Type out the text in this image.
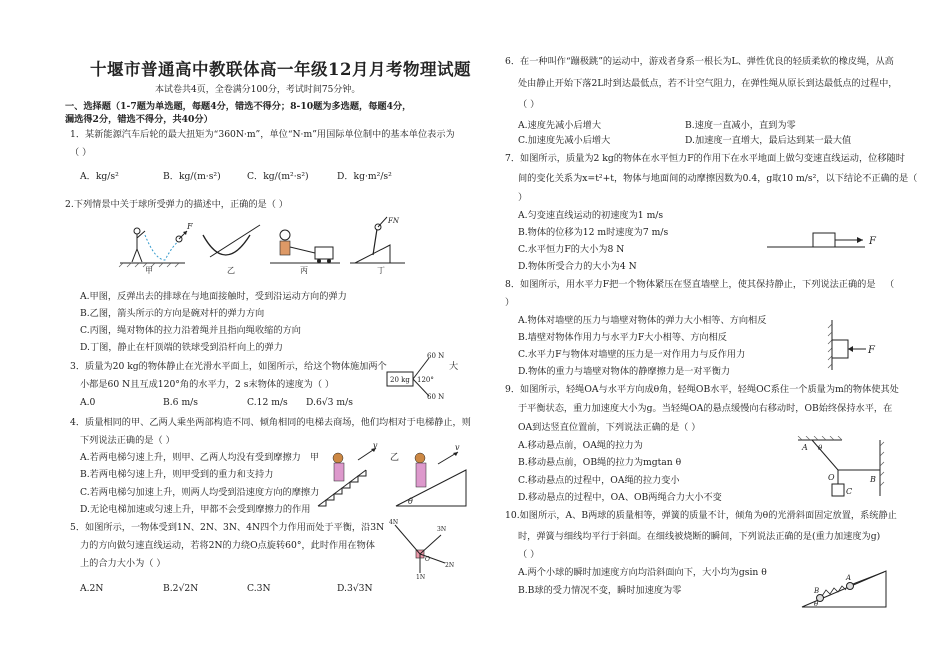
十堰市普通高中教联体高一年级12月月考物理试题
本试卷共4页，全卷满分100分，考试时间75分钟。
一、选择题（1-7题为单选题，每题4分，错选不得分；8-10题为多选题，每题4分，
漏选得2分，错选不得分，共40分）
1．某新能源汽车后轮的最大扭矩为“360N·m”，单位“N·m”用国际单位制中的基本单位表示为
（ ）
A．kg/s²	B．kg/(m·s²)	C．kg/(m²·s²)	D．kg·m²/s²
2.下列情景中关于球所受弹力的描述中，正确的是（ ）
F
甲	乙	丙
FN
丁
A.甲图，反弹出去的排球在与地面接触时，受到沿运动方向的弹力
B.乙图，箭头所示的方向是碗对杆的弹力方向
C.丙图，绳对物体的拉力沿着绳并且指向绳收缩的方向
D.丁图，静止在杆顶端的铁球受到沿杆向上的弹力
3．质量为20 kg的物体静止在光滑水平面上，如图所示，给这个物体施加两个	大
小都是60 N且互成120°角的水平力，2 s末物体的速度为（ ）
A.0	B.6 m/s	C.12 m/s D.6√3 m/s
20 kg
60 N
60 N
120°
4．质量相同的甲、乙两人乘坐两部构造不同、倾角相同的电梯去商场，他们均相对于电梯静止，则
下列说法正确的是（ ）
A.若两电梯匀速上升，则甲、乙两人均没有受到摩擦力
B.若两电梯匀速上升，则甲受到的重力和支持力
C.若两电梯匀加速上升，则两人均受到沿速度方向的摩擦力
D.无论电梯加速或匀速上升，甲都不会受到摩擦力的作用
甲
v
乙
v
θ
5．如图所示，一物体受到1N、2N、3N、4N四个力作用而处于平衡，沿3N
力的方向做匀速直线运动，若将2N的力绕O点旋转60°，此时作用在物体
上的合力大小为（ ）
A.2N	B.2√2N	C.3N	D.3√3N
4N
3N
2N
1N
O
6．在一种叫作“蹦极跳”的运动中，游戏者身系一根长为L、弹性优良的轻质柔软的橡皮绳，从高
处由静止开始下落2L时到达最低点，若不计空气阻力，在弹性绳从原长到达最低点的过程中，
（ ）
A.速度先减小后增大	B.速度一直减小，直到为零
C.加速度先减小后增大	D.加速度一直增大，最后达到某一最大值
7．如图所示，质量为2 kg的物体在水平恒力F的作用下在水平地面上做匀变速直线运动，位移随时
间的变化关系为x=t²+t，物体与地面间的动摩擦因数为0.4，g取10 m/s²，以下结论不正确的是（
）
A.匀变速直线运动的初速度为1 m/s
B.物体的位移为12 m时速度为7 m/s
C.水平恒力F的大小为8 N
D.物体所受合力的大小为4 N
F
8．如图所示，用水平力F把一个物体紧压在竖直墙壁上，使其保持静止，下列说法正确的是 （
）
A.物体对墙壁的压力与墙壁对物体的弹力大小相等、方向相反
B.墙壁对物体作用力与水平力F大小相等、方向相反
C.水平力F与物体对墙壁的压力是一对作用力与反作用力
D.物体的重力与墙壁对物体的静摩擦力是一对平衡力
F
9．如图所示，轻绳OA与水平方向成θ角，轻绳OB水平，轻绳OC系住一个质量为m的物体使其处
于平衡状态，重力加速度大小为g。当轻绳OA的悬点缓慢向右移动时，OB始终保持水平，在
OA到达竖直位置前，下列说法正确的是（ ）
A.移动悬点前，OA绳的拉力为
B.移动悬点前，OB绳的拉力为mgtan θ
C.移动悬点的过程中，OA绳的拉力变小
D.移动悬点的过程中，OA、OB两绳合力大小不变
A θ
O	B
C
10.如图所示，A、B两球的质量相等，弹簧的质量不计，倾角为θ的光滑斜面固定放置，系统静止
时，弹簧与细线均平行于斜面。在细线被烧断的瞬间，下列说法正确的是(重力加速度为g)
（ ）
A.两个小球的瞬时加速度方向均沿斜面向下，大小均为gsin θ
B.B球的受力情况不变，瞬时加速度为零	B
A
θ
